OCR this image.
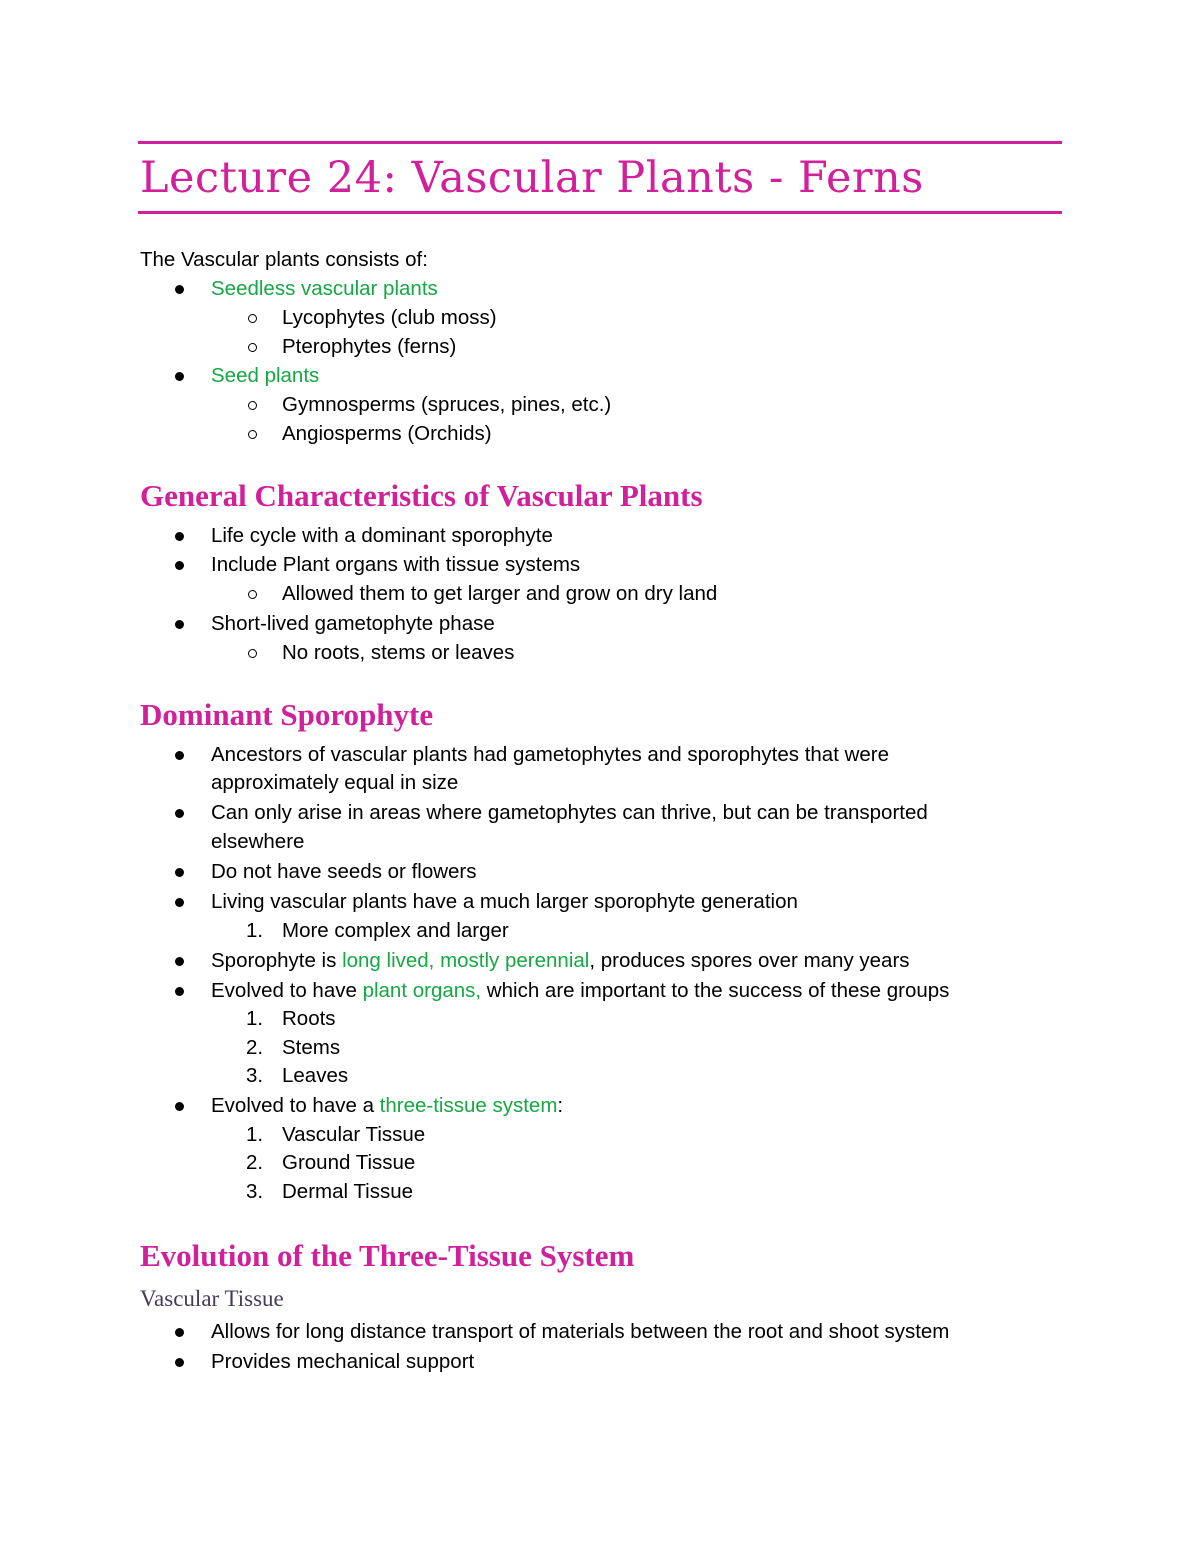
Lecture 24: Vascular Plants - Ferns
The Vascular plants consists of:
Seedless vascular plants
Lycophytes (club moss)
Pterophytes (ferns)
Seed plants
Gymnosperms (spruces, pines, etc.)
Angiosperms (Orchids)
General Characteristics of Vascular Plants
Life cycle with a dominant sporophyte
Include Plant organs with tissue systems
Allowed them to get larger and grow on dry land
Short-lived gametophyte phase
No roots, stems or leaves
Dominant Sporophyte
Ancestors of vascular plants had gametophytes and sporophytes that were
approximately equal in size
Can only arise in areas where gametophytes can thrive, but can be transported
elsewhere
Do not have seeds or flowers
Living vascular plants have a much larger sporophyte generation
1. More complex and larger
Sporophyte is long lived, mostly perennial, produces spores over many years
Evolved to have plant organs, which are important to the success of these groups
1. Roots
2. Stems
3. Leaves
Evolved to have a three-tissue system:
1. Vascular Tissue
2. Ground Tissue
3. Dermal Tissue
Evolution of the Three-Tissue System
Vascular Tissue
Allows for long distance transport of materials between the root and shoot system
Provides mechanical support
